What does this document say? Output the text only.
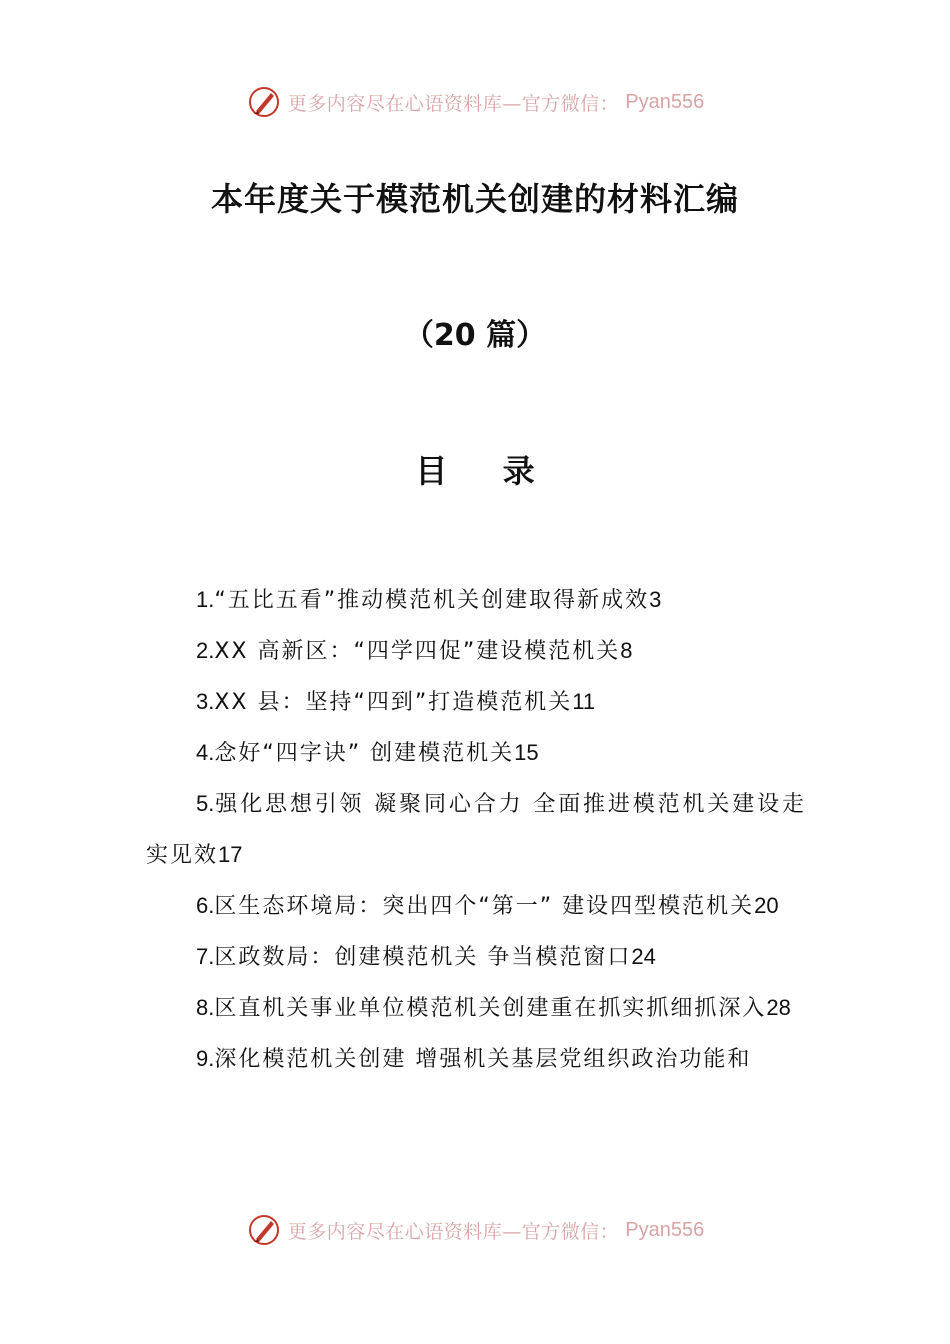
更多内容尽在心语资料库—官方微信： Pyan556
本年度关于模范机关创建的材料汇编
（20 篇）
目 录
1.“五比五看”推动模范机关创建取得新成效3
2.XX 高新区：“四学四促”建设模范机关8
3.XX 县：坚持“四到”打造模范机关11
4.念好“四字诀” 创建模范机关15
5.强化思想引领 凝聚同心合力 全面推进模范机关建设走实见效17
6.区生态环境局：突出四个“第一” 建设四型模范机关20
7.区政数局：创建模范机关 争当模范窗口24
8.区直机关事业单位模范机关创建重在抓实抓细抓深入28
9.深化模范机关创建 增强机关基层党组织政治功能和
更多内容尽在心语资料库—官方微信： Pyan556
